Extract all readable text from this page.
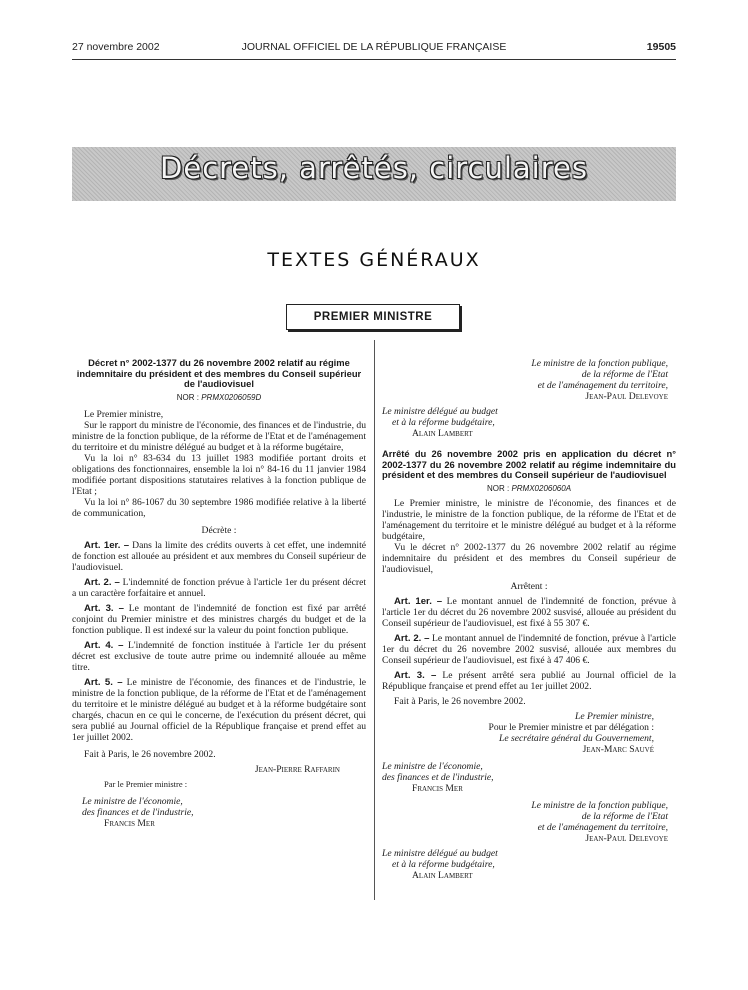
27 novembre 2002	JOURNAL OFFICIEL DE LA RÉPUBLIQUE FRANÇAISE	19505
Décrets, arrêtés, circulaires
TEXTES GÉNÉRAUX
PREMIER MINISTRE

Décret n° 2002-1377 du 26 novembre 2002 relatif au régime indemnitaire du président et des membres du Conseil supérieur de l'audiovisuel

NOR : PRMX0206059D

Le Premier ministre,

Sur le rapport du ministre de l'économie, des finances et de l'industrie, du ministre de la fonction publique, de la réforme de l'Etat et de l'aménagement du territoire et du ministre délégué au budget et à la réforme bugétaire,

Vu la loi n° 83-634 du 13 juillet 1983 modifiée portant droits et obligations des fonctionnaires, ensemble la loi n° 84-16 du 11 janvier 1984 modifiée portant dispositions statutaires relatives à la fonction publique de l'Etat ;

Vu la loi n° 86-1067 du 30 septembre 1986 modifiée relative à la liberté de communication,

Décrète :

Art. 1er. – Dans la limite des crédits ouverts à cet effet, une indemnité de fonction est allouée au président et aux membres du Conseil supérieur de l'audiovisuel.

Art. 2. – L'indemnité de fonction prévue à l'article 1er du présent décret a un caractère forfaitaire et annuel.

Art. 3. – Le montant de l'indemnité de fonction est fixé par arrêté conjoint du Premier ministre et des ministres chargés du budget et de la fonction publique. Il est indexé sur la valeur du point fonction publique.

Art. 4. – L'indemnité de fonction instituée à l'article 1er du présent décret est exclusive de toute autre prime ou indemnité allouée au même titre.

Art. 5. – Le ministre de l'économie, des finances et de l'industrie, le ministre de la fonction publique, de la réforme de l'Etat et de l'aménagement du territoire et le ministre délégué au budget et à la réforme budgétaire sont chargés, chacun en ce qui le concerne, de l'exécution du présent décret, qui sera publié au Journal officiel de la République française et prend effet au 1er juillet 2002.

Fait à Paris, le 26 novembre 2002.

Jean-Pierre Raffarin

Par le Premier ministre :

Le ministre de l'économie,

des finances et de l'industrie,

Francis Mer

Le ministre de la fonction publique,

de la réforme de l'Etat

et de l'aménagement du territoire,

Jean-Paul Delevoye

Le ministre délégué au budget

et à la réforme budgétaire,

Alain Lambert

Arrêté du 26 novembre 2002 pris en application du décret n° 2002-1377 du 26 novembre 2002 relatif au régime indemnitaire du président et des membres du Conseil supérieur de l'audiovisuel

NOR : PRMX0206060A

Le Premier ministre, le ministre de l'économie, des finances et de l'industrie, le ministre de la fonction publique, de la réforme de l'Etat et de l'aménagement du territoire et le ministre délégué au budget et à la réforme budgétaire,

Vu le décret n° 2002-1377 du 26 novembre 2002 relatif au régime indemnitaire du président et des membres du Conseil supérieur de l'audiovisuel,

Arrêtent :

Art. 1er. – Le montant annuel de l'indemnité de fonction, prévue à l'article 1er du décret du 26 novembre 2002 susvisé, allouée au président du Conseil supérieur de l'audiovisuel, est fixé à 55 307 €.

Art. 2. – Le montant annuel de l'indemnité de fonction, prévue à l'article 1er du décret du 26 novembre 2002 susvisé, allouée aux membres du Conseil supérieur de l'audiovisuel, est fixé à 47 406 €.

Art. 3. – Le présent arrêté sera publié au Journal officiel de la République française et prend effet au 1er juillet 2002.

Fait à Paris, le 26 novembre 2002.

Le Premier ministre,

Pour le Premier ministre et par délégation :

Le secrétaire général du Gouvernement,

Jean-Marc Sauvé

Le ministre de l'économie,

des finances et de l'industrie,

Francis Mer

Le ministre de la fonction publique,

de la réforme de l'Etat

et de l'aménagement du territoire,

Jean-Paul Delevoye

Le ministre délégué au budget

et à la réforme budgétaire,

Alain Lambert
